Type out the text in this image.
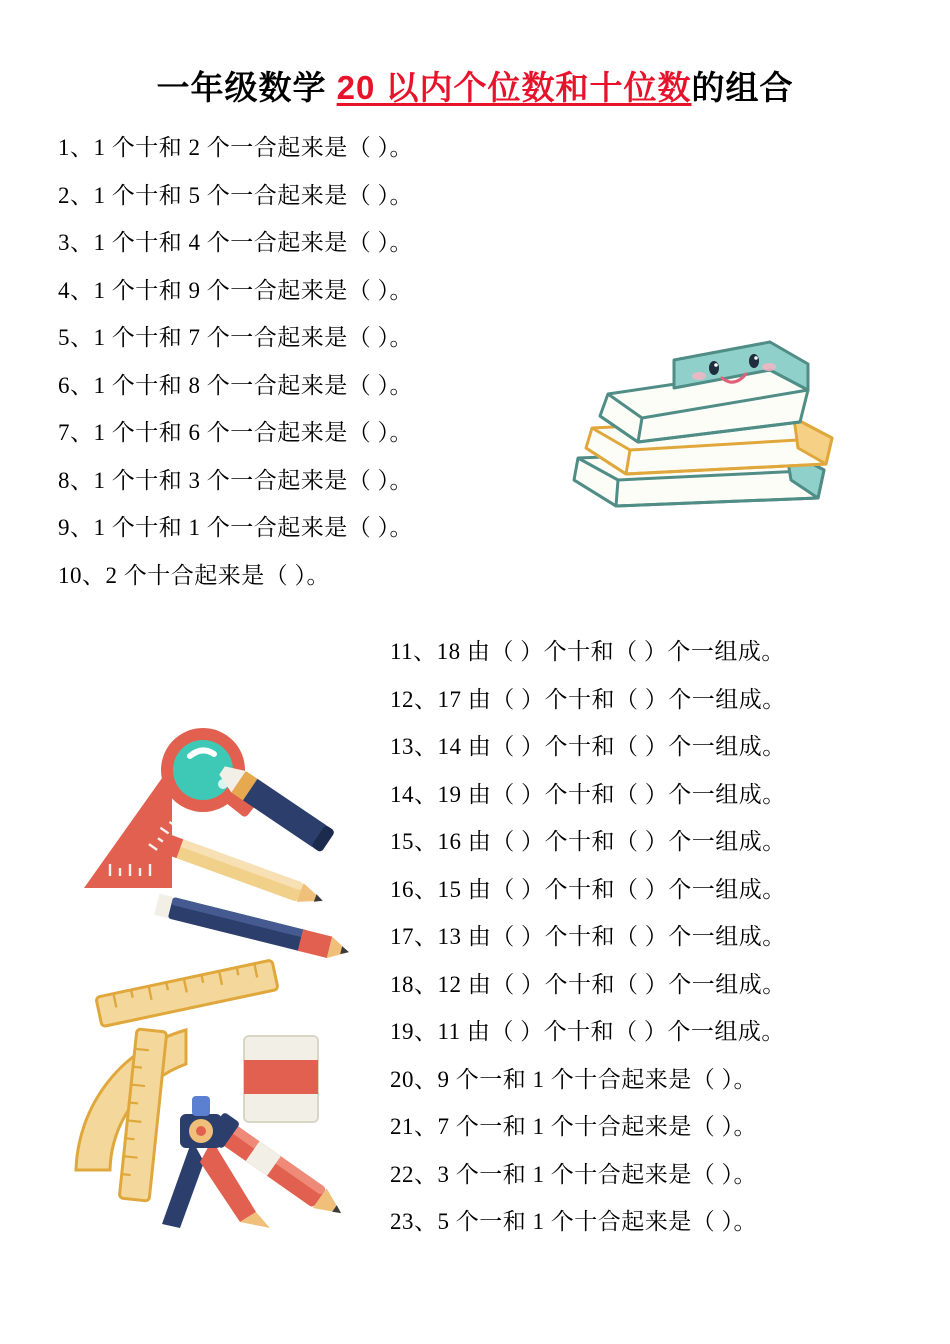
一年级数学 20 以内个位数和十位数的组合
1、1 个十和 2 个一合起来是（ ）。
2、1 个十和 5 个一合起来是（ ）。
3、1 个十和 4 个一合起来是（ ）。
4、1 个十和 9 个一合起来是（ ）。
5、1 个十和 7 个一合起来是（ ）。
6、1 个十和 8 个一合起来是（ ）。
7、1 个十和 6 个一合起来是（ ）。
8、1 个十和 3 个一合起来是（ ）。
9、1 个十和 1 个一合起来是（ ）。
10、2 个十合起来是（ ）。
11、18 由（ ）个十和（ ）个一组成。
12、17 由（ ）个十和（ ）个一组成。
13、14 由（ ）个十和（ ）个一组成。
14、19 由（ ）个十和（ ）个一组成。
15、16 由（ ）个十和（ ）个一组成。
16、15 由（ ）个十和（ ）个一组成。
17、13 由（ ）个十和（ ）个一组成。
18、12 由（ ）个十和（ ）个一组成。
19、11 由（ ）个十和（ ）个一组成。
20、9 个一和 1 个十合起来是（ ）。
21、7 个一和 1 个十合起来是（ ）。
22、3 个一和 1 个十合起来是（ ）。
23、5 个一和 1 个十合起来是（ ）。
